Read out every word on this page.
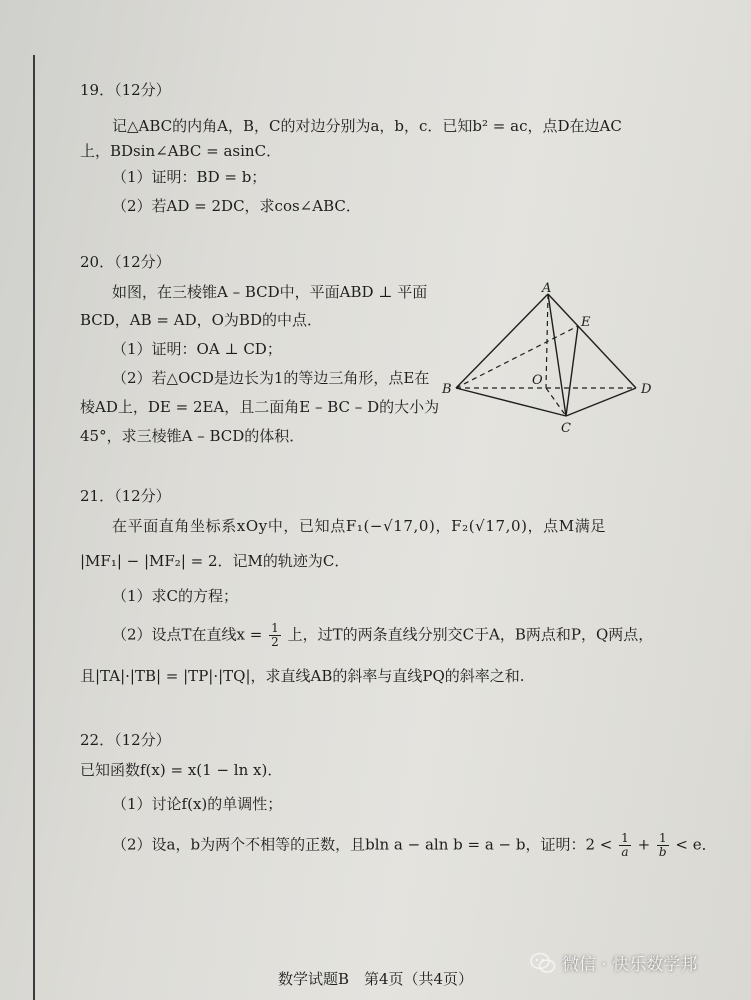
19．（12分）
记△ABC的内角A，B，C的对边分别为a，b，c．已知b² = ac，点D在边AC
上，BDsin∠ABC = asinC．
（1）证明：BD = b；
（2）若AD = 2DC，求cos∠ABC．
20．（12分）
如图，在三棱锥A – BCD中，平面ABD ⊥ 平面
BCD，AB = AD，O为BD的中点．
（1）证明：OA ⊥ CD；
（2）若△OCD是边长为1的等边三角形，点E在
棱AD上，DE = 2EA，且二面角E – BC – D的大小为
45°，求三棱锥A – BCD的体积．
A
B
C
D
E
O
21．（12分）
在平面直角坐标系xOy中，已知点F₁(−√17,0)，F₂(√17,0)，点M满足
|MF₁| − |MF₂| = 2．记M的轨迹为C．
（1）求C的方程；
（2）设点T在直线$x = \frac{1}{2}$ 上，过T的两条直线分别交C于A，B两点和P，Q两点，
且|TA|·|TB| = |TP|·|TQ|，求直线AB的斜率与直线PQ的斜率之和.
22．（12分）
已知函数f(x) = x(1 − ln x)．
（1）讨论f(x)的单调性；
（2）设a，b为两个不相等的正数，且bln a − aln b = a − b，证明：$2 < \frac{1}{a} + \frac{1}{b} < e$．
数学试题B　第4页（共4页）
微信 · 快乐数学邦
